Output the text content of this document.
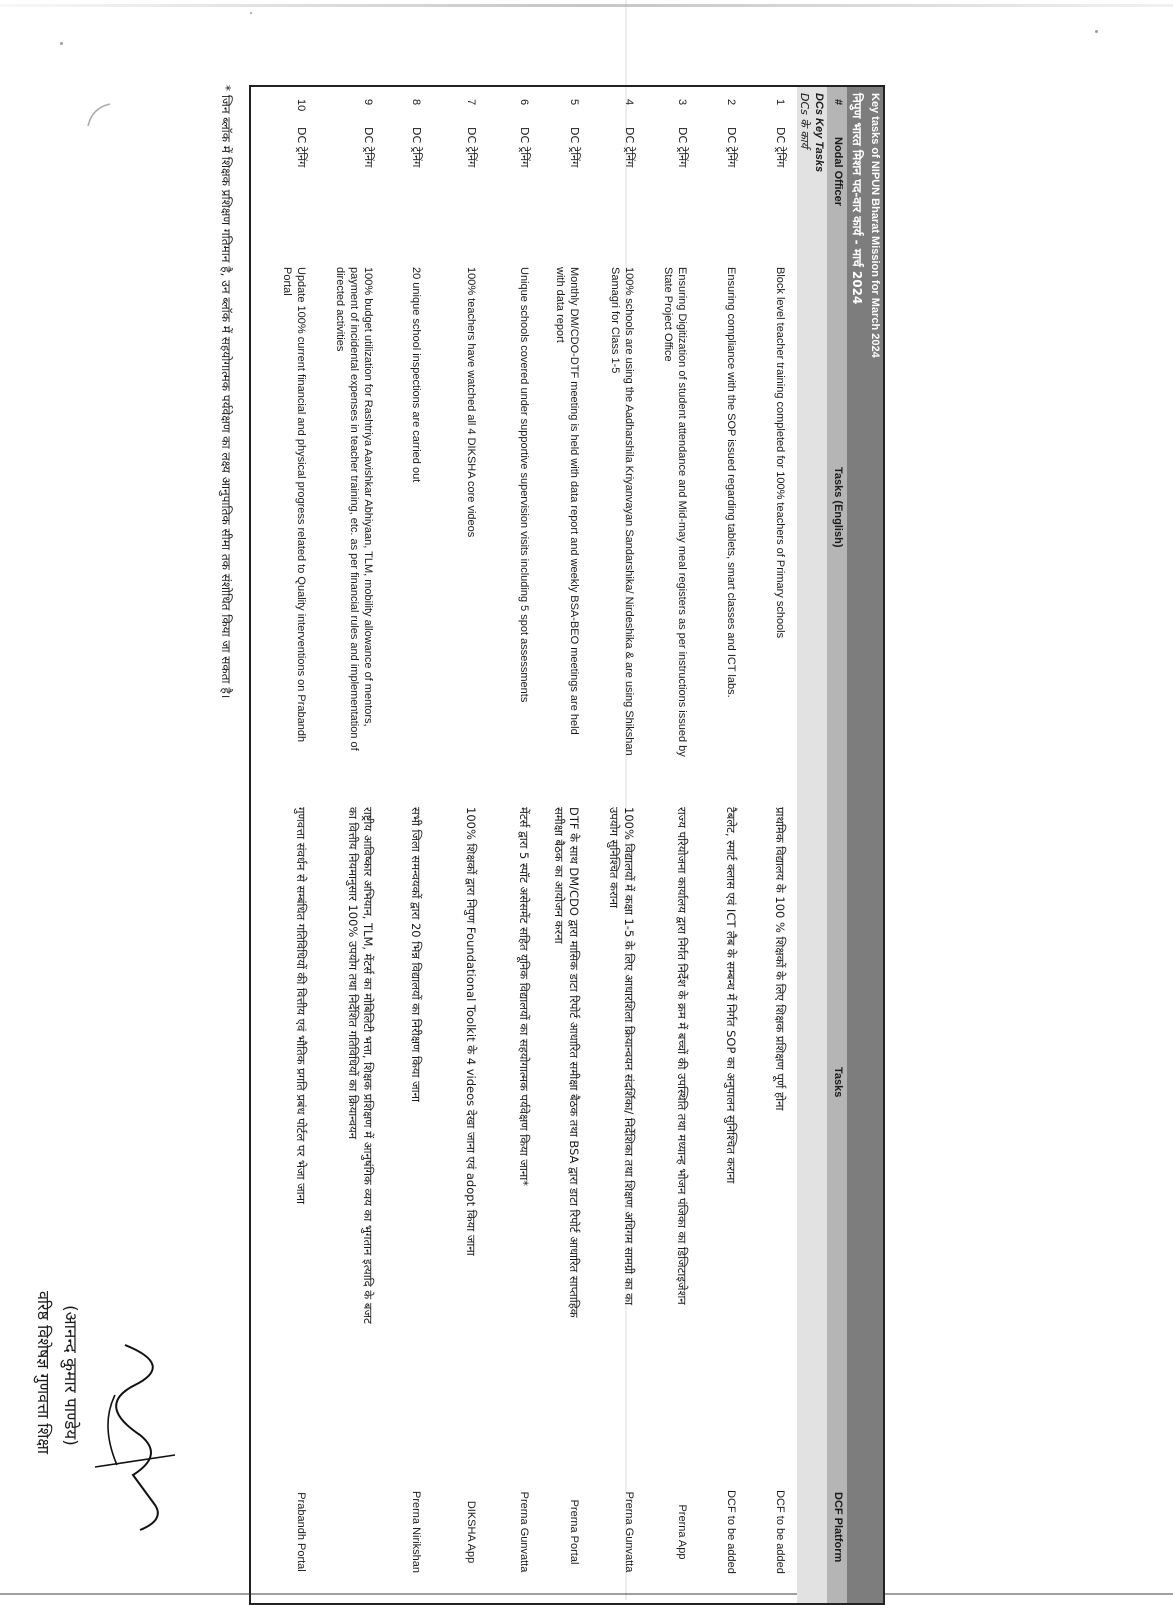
Key tasks of NIPUN Bharat Mission for March 2024
निपुण भारत मिशन पद-वार कार्य - मार्च 2024
#
Nodal Officer
Tasks (English)
Tasks
DCF Platform
DCs Key Tasks
DCs के कार्य
1
DC ट्रेनिंग
Block level teacher training completed for 100% teachers of Primary schools
प्राथमिक विद्यालय के 100 % शिक्षकों के लिए शिक्षक प्रशिक्षण पूर्ण होना
DCF to be added
2
DC ट्रेनिंग
Ensuring compliance with the SOP issued regarding tablets, smart classes and ICT labs.
टैबलेट, स्मार्ट क्लास एवं ICT लैब के सम्बन्ध में निर्गत SOP का अनुपालन सुनिश्चित कराना
DCF to be added
3
DC ट्रेनिंग
Ensuring Digitization of student attendance and Mid-may meal registers as per instructions issued by State Project Office
राज्य परियोजना कार्यालय द्वारा निर्गत निर्देश के क्रम में बच्चों की उपस्थिति तथा मध्यान्ह भोजन पंजिका का डिजिटाइजेशन
Prerna App
4
DC ट्रेनिंग
100% schools are using the Aadharshila Kriyanvayan Sandarshika/ Nirdeshika & are using Shikshan Samagri for Class 1-5
100% विद्यालयों में कक्षा 1-5 के लिए आधारशिला क्रियान्वयन संदर्शिका/ निर्देशिका तथा शिक्षण अधिगम सामग्री का का उपयोग सुनिश्चित कराना
Prerna Gunvatta
5
DC ट्रेनिंग
Monthly DM/CDO-DTF meeting is held with data report and weekly BSA-BEO meetings are held with data report
DTF के साथ DM/CDO द्वारा मासिक डाटा रिपोर्ट आधारित समीक्षा बैठक तथा BSA द्वारा डाटा रिपोर्ट आधारित साप्ताहिक समीक्षा बैठक का आयोजन करना
Prerna Portal
6
DC ट्रेनिंग
Unique schools covered under supportive supervision visits including 5 spot assessments
मेंटर्स द्वारा 5 स्पॉट असेसमेंट सहित यूनिक विद्यालयों का सहयोगात्मक पर्यवेक्षण किया जाना*
Prerna Gunvatta
7
DC ट्रेनिंग
100% teachers have watched all 4 DIKSHA core videos
100% शिक्षकों द्वारा निपुण Foundational Toolkit के 4 videos देखा जाना एवं adopt किया जाना
DIKSHA App
8
DC ट्रेनिंग
20 unique school inspections are carried out
सभी जिला समन्वयकों द्वारा 20 भिन्न विद्यालयों का निरीक्षण किया जाना
Prerna Nirikshan
9
DC ट्रेनिंग
100% budget utilization for Rashtriya Aavishkar Abhiyaan, TLM, mobility allowance of mentors, payment of incidental expenses in teacher training, etc. as per financial rules and implementation of directed activities
राष्ट्रीय आविष्कार अभियान, TLM, मेंटर्स का मोबिलिटी भत्ता, शिक्षक प्रशिक्षण में आनुषंगिक व्यय का भुगतान इत्यादि के बजट का वित्तीय नियमानुसार 100% उपयोग तथा निर्देशित गतिविधियों का क्रियान्वयन
10
DC ट्रेनिंग
Update 100% current financial and physical progress related to Quality interventions on Prabandh Portal
गुणवत्ता संवर्धन से सम्बंधित गतिविधियों की वित्तीय एवं भौतिक प्रगति प्रबंध पोर्टल पर भेजा जाना
Prabandh Portal
* जिन ब्लॉक में शिक्षक प्रशिक्षण गतिमान है, उन ब्लॉक में सहयोगात्मक पर्यवेक्षण का लक्ष्य आनुपातिक सीमा तक संशोधित किया जा सकता है।
(आनन्द कुमार पाण्डेय)
वरिष्ठ विशेषज्ञ गुणवत्ता शिक्षा
